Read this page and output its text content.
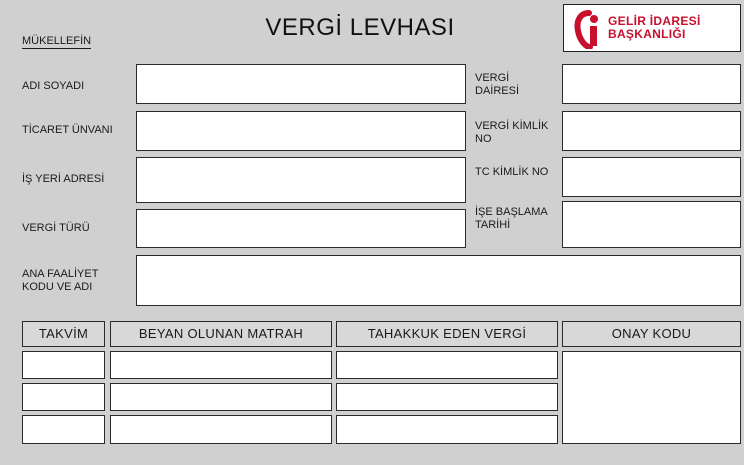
VERGİ LEVHASI
MÜKELLEFİN
GELİR İDARESİ
BAŞKANLIĞI
ADI SOYADI
TİCARET ÜNVANI
İŞ YERİ ADRESİ
VERGİ TÜRÜ
ANA FAALİYET
KODU VE ADI
VERGİ
DAİRESİ
VERGİ KİMLİK
NO
TC KİMLİK NO
İŞE BAŞLAMA
TARİHİ
TAKVİM	BEYAN OLUNAN MATRAH	TAHAKKUK EDEN VERGİ	ONAY KODU
